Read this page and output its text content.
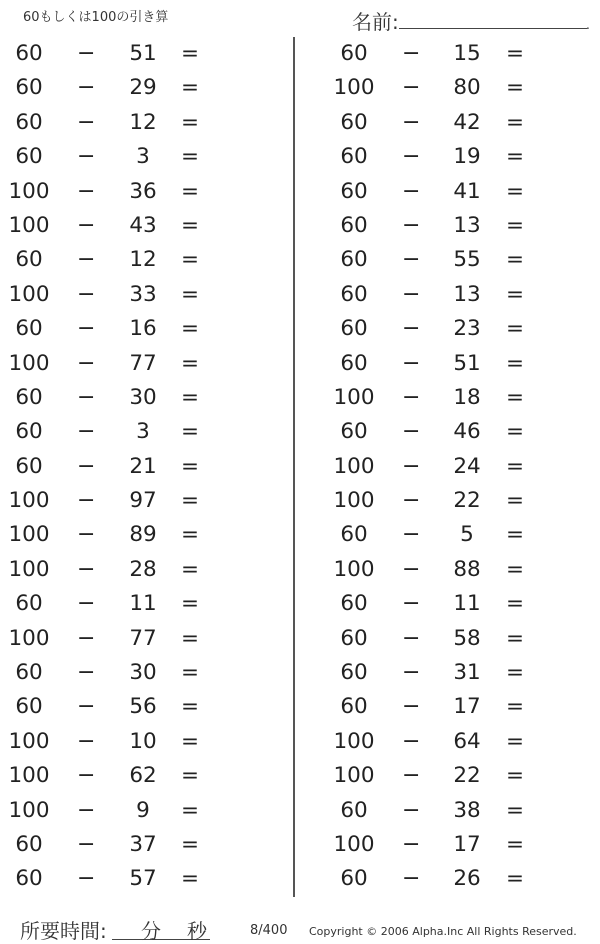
60もしくは100の引き算	名前:	.
60	− 51 =
60	− 29 =
60	− 12 =
60	−	3	=
100	− 36 =
100	− 43 =
60	− 12 =
100	− 33 =
60	− 16 =
100	− 77 =
60	− 30 =
60	−	3	=
60	− 21 =
100	− 97 =
100	− 89 =
100	− 28 =
60	− 11 =
100	− 77 =
60	− 30 =
60	− 56 =
100	− 10 =
100	− 62 =
100	−	9	=
60	− 37 =
60	− 57 =
60	− 15 =
100	− 80 =
60	− 42 =
60	− 19 =
60	− 41 =
60	− 13 =
60	− 55 =
60	− 13 =
60	− 23 =
60	− 51 =
100	− 18 =
60	− 46 =
100	− 24 =
100	− 22 =
60	−	5	=
100	− 88 =
60	− 11 =
60	− 58 =
60	− 31 =
60	− 17 =
100	− 64 =
100	− 22 =
60	− 38 =
100	− 17 =
60	− 26 =
所要時間: 分 秒	8/400 Copyright © 2006 Alpha.Inc All Rights Reserved.
